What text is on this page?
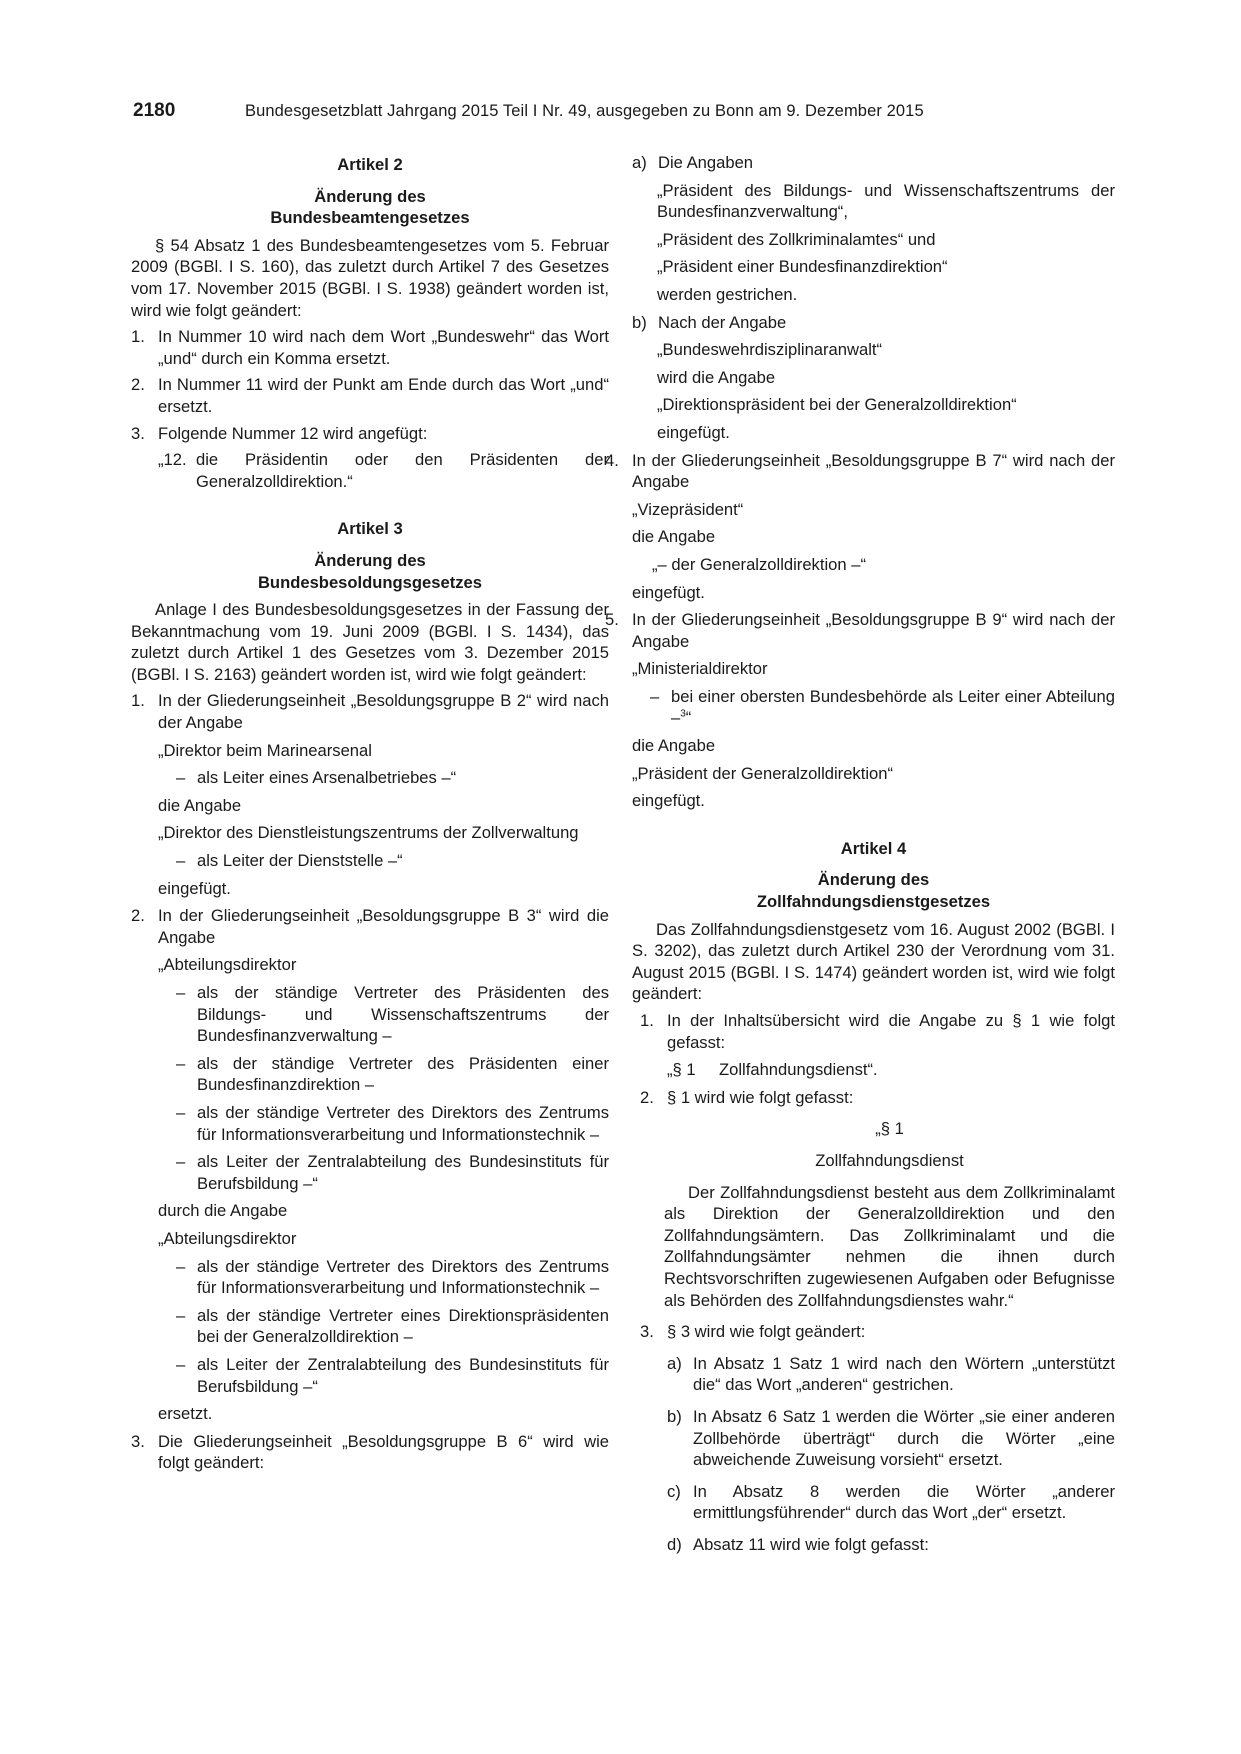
2180	Bundesgesetzblatt Jahrgang 2015 Teil I Nr. 49, ausgegeben zu Bonn am 9. Dezember 2015
Artikel 2
Änderung des
Bundesbeamtengesetzes

§ 54 Absatz 1 des Bundesbeamtengesetzes vom 5. Februar 2009 (BGBl. I S. 160), das zuletzt durch Artikel 7 des Gesetzes vom 17. November 2015 (BGBl. I S. 1938) geändert worden ist, wird wie folgt geändert:

1. In Nummer 10 wird nach dem Wort „Bundeswehr“ das Wort „und“ durch ein Komma ersetzt.
2. In Nummer 11 wird der Punkt am Ende durch das Wort „und“ ersetzt.
3. Folgende Nummer 12 wird angefügt:
„12. die Präsidentin oder den Präsidenten der Generalzolldirektion.“
Artikel 3
Änderung des
Bundesbesoldungsgesetzes

Anlage I des Bundesbesoldungsgesetzes in der Fassung der Bekanntmachung vom 19. Juni 2009 (BGBl. I S. 1434), das zuletzt durch Artikel 1 des Gesetzes vom 3. Dezember 2015 (BGBl. I S. 2163) geändert worden ist, wird wie folgt geändert:

1. In der Gliederungseinheit „Besoldungsgruppe B 2“ wird nach der Angabe
„Direktor beim Marinearsenal
– als Leiter eines Arsenalbetriebes –“
die Angabe
„Direktor des Dienstleistungszentrums der Zollverwaltung
– als Leiter der Dienststelle –“
eingefügt.
2. In der Gliederungseinheit „Besoldungsgruppe B 3“ wird die Angabe
„Abteilungsdirektor
– als der ständige Vertreter des Präsidenten des Bildungs- und Wissenschaftszentrums der Bundesfinanzverwaltung –
– als der ständige Vertreter des Präsidenten einer Bundesfinanzdirektion –
– als der ständige Vertreter des Direktors des Zentrums für Informationsverarbeitung und Informationstechnik –
– als Leiter der Zentralabteilung des Bundesinstituts für Berufsbildung –“
durch die Angabe
„Abteilungsdirektor
– als der ständige Vertreter des Direktors des Zentrums für Informationsverarbeitung und Informationstechnik –
– als der ständige Vertreter eines Direktionspräsidenten bei der Generalzolldirektion –
– als Leiter der Zentralabteilung des Bundesinstituts für Berufsbildung –“
ersetzt.
3. Die Gliederungseinheit „Besoldungsgruppe B 6“ wird wie folgt geändert:
a) Die Angaben
„Präsident des Bildungs- und Wissenschaftszentrums der Bundesfinanzverwaltung“,
„Präsident des Zollkriminalamtes“ und
„Präsident einer Bundesfinanzdirektion“
werden gestrichen.
b) Nach der Angabe
„Bundeswehrdisziplinaranwalt“
wird die Angabe
„Direktionspräsident bei der Generalzolldirektion“
eingefügt.
4. In der Gliederungseinheit „Besoldungsgruppe B 7“ wird nach der Angabe
„Vizepräsident“
die Angabe
„– der Generalzolldirektion –“
eingefügt.
5. In der Gliederungseinheit „Besoldungsgruppe B 9“ wird nach der Angabe
„Ministerialdirektor
– bei einer obersten Bundesbehörde als Leiter einer Abteilung –$^3$“
die Angabe
„Präsident der Generalzolldirektion“
eingefügt.
Artikel 4
Änderung des
Zollfahndungsdienstgesetzes

Das Zollfahndungsdienstgesetz vom 16. August 2002 (BGBl. I S. 3202), das zuletzt durch Artikel 230 der Verordnung vom 31. August 2015 (BGBl. I S. 1474) geändert worden ist, wird wie folgt geändert:

1. In der Inhaltsübersicht wird die Angabe zu § 1 wie folgt gefasst:
„§ 1	Zollfahndungsdienst“.
2. § 1 wird wie folgt gefasst:
„§ 1
Zollfahndungsdienst

Der Zollfahndungsdienst besteht aus dem Zollkriminalamt als Direktion der Generalzolldirektion und den Zollfahndungsämtern. Das Zollkriminalamt und die Zollfahndungsämter nehmen die ihnen durch Rechtsvorschriften zugewiesenen Aufgaben oder Befugnisse als Behörden des Zollfahndungsdienstes wahr.“

3. § 3 wird wie folgt geändert:
a) In Absatz 1 Satz 1 wird nach den Wörtern „unterstützt die“ das Wort „anderen“ gestrichen.
b) In Absatz 6 Satz 1 werden die Wörter „sie einer anderen Zollbehörde überträgt“ durch die Wörter „eine abweichende Zuweisung vorsieht“ ersetzt.
c) In Absatz 8 werden die Wörter „anderer ermittlungsführender“ durch das Wort „der“ ersetzt.
d) Absatz 11 wird wie folgt gefasst:
